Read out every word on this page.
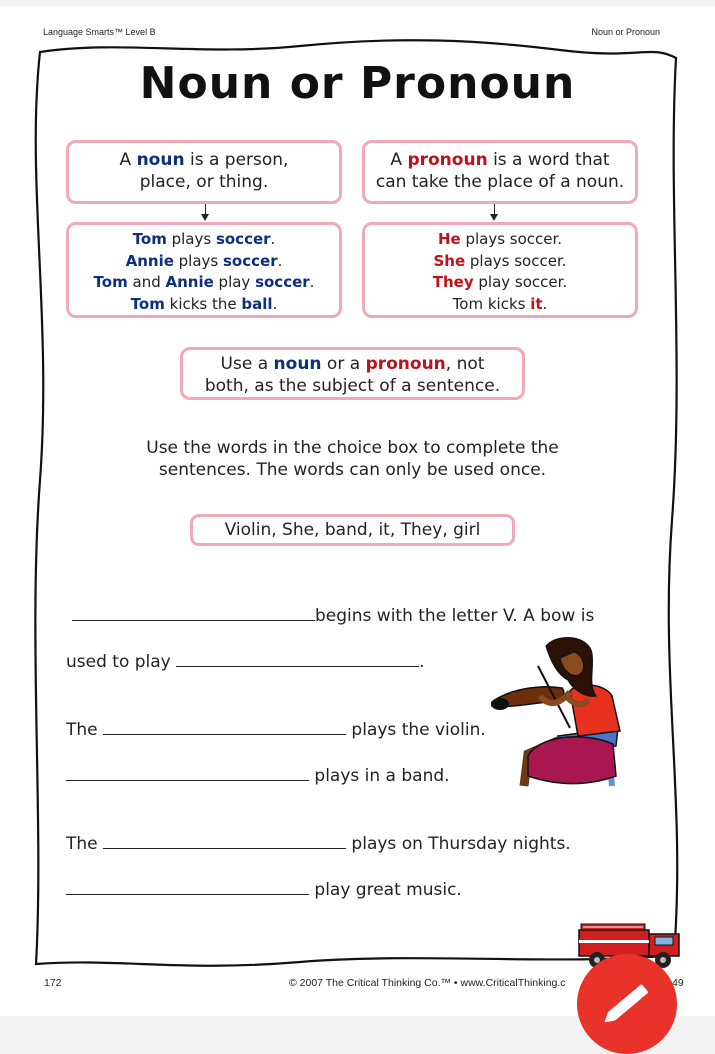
Language Smarts™ Level B	Noun or Pronoun
Noun or Pronoun
A noun is a person,
place, or thing.
A pronoun is a word that
can take the place of a noun.
Tom plays soccer.
Annie plays soccer.
Tom and Annie play soccer.
Tom kicks the ball.
He plays soccer.
She plays soccer.
They play soccer.
Tom kicks it.
Use a noun or a pronoun, not
both, as the subject of a sentence.
Use the words in the choice box to complete the
sentences. The words can only be used once.
Violin, She, band, it, They, girl
begins with the letter V. A bow is
used to play	.
The	plays the violin.
plays in a band.
The	plays on Thursday nights.
play great music.
172	© 2007 The Critical Thinking Co.™ • www.CriticalThinking.c	49
